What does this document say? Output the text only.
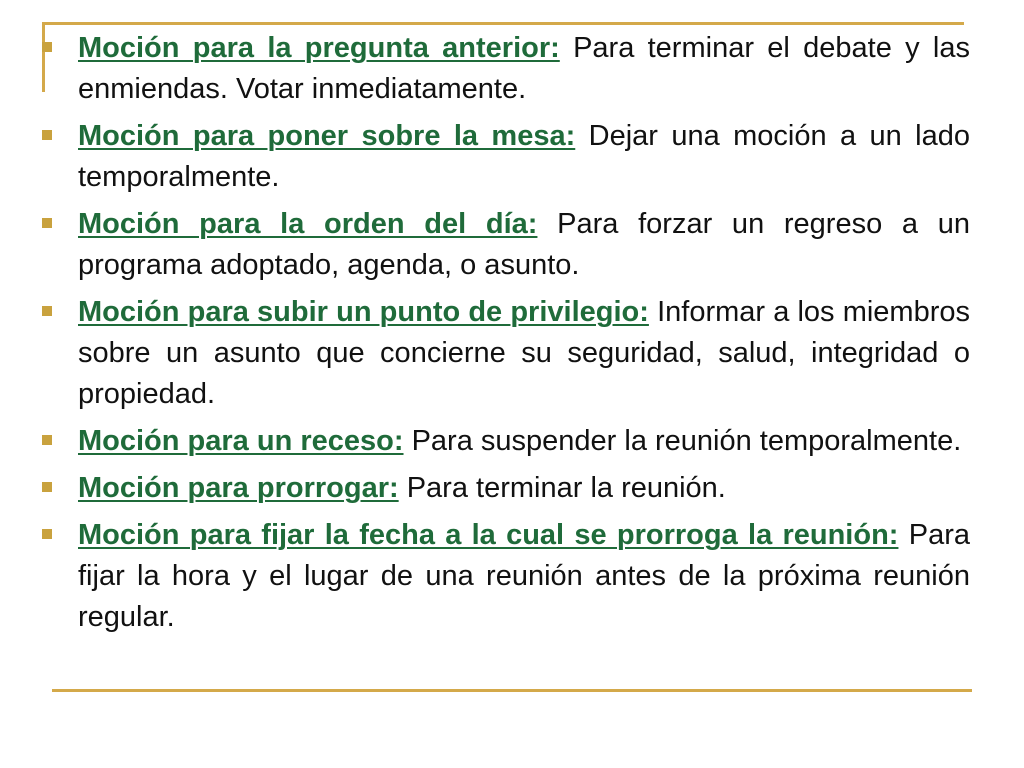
Moción para la pregunta anterior: Para terminar el debate y las enmiendas. Votar inmediatamente.
Moción para poner sobre la mesa: Dejar una moción a un lado temporalmente.
Moción para la orden del día: Para forzar un regreso a un programa adoptado, agenda, o asunto.
Moción para subir un punto de privilegio: Informar a los miembros sobre un asunto que concierne su seguridad, salud, integridad o propiedad.
Moción para un receso: Para suspender la reunión temporalmente.
Moción para prorrogar: Para terminar la reunión.
Moción para fijar la fecha a la cual se prorroga la reunión: Para fijar la hora y el lugar de una reunión antes de la próxima reunión regular.
